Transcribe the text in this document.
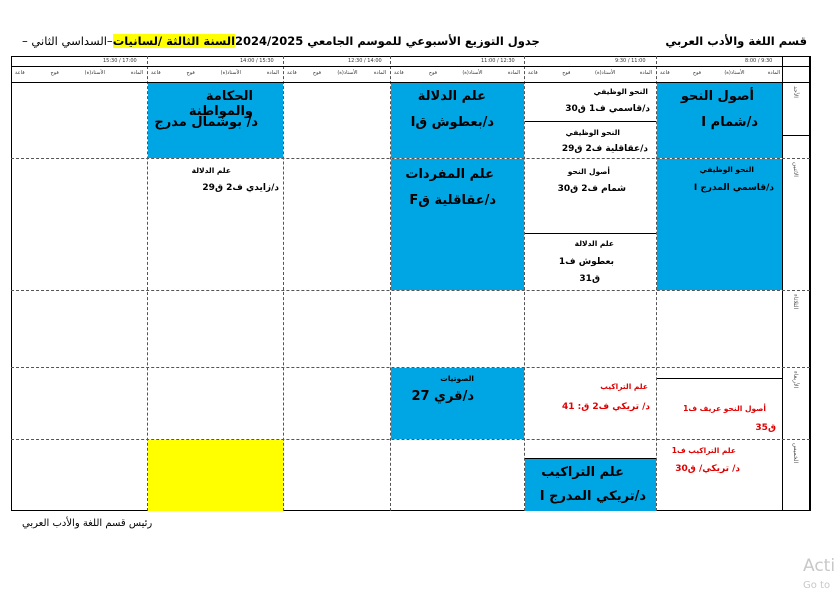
قسم اللغة والأدب العربي
جدول التوزيع الأسبوعي للموسم الجامعي 2024/2025السنة الثالثة /لسانيات–السداسي الثاني –
8:00 / 9:30
9:30 / 11:00
11:00 / 12:30
12:30 / 14:00
14:00 / 15:30
15:30 / 17:00
المادة
الأستاذ(ة)
فوج
قاعة
المادة
الأستاذ(ة)
فوج
قاعة
المادة
الأستاذ(ة)
فوج
قاعة
المادة
الأستاذ(ة)
فوج
قاعة
المادة
الأستاذ(ة)
فوج
قاعة
المادة
الأستاذ(ة)
فوج
قاعة
الأحد
الاثنين
الثلاثاء
الأربعاء
الخميس
أصول النحو
د/شمام I
النحو الوظيفي
د/قاسمي ف1 ق30
النحو الوظيفي
د/عقاقلية ف2 ق29
علم الدلالة
د/بعطوش قI
الحكامة والمواطنة
د/ بوشمال مدرج
النحو الوظيفي
د/قاسمي المدرج I
أصول النحو
شمام ف2 ق30
علم الدلالة
بعطوش ف1
ق31
علم المفردات
د/عقاقلية قF
علم الدلالة
د/زايدي ف2 ق29
أصول النحو عريف ف1
ق35
علم التراكيب
د/ تريكي ف2 ق: 41
الصوتيات
د/قري 27
علم التراكيب ف1
د/ تريكي/ ق30
علم التراكيب
د/تريكي المدرج I
رئيس قسم اللغة والأدب العربي
Acti
Go to
